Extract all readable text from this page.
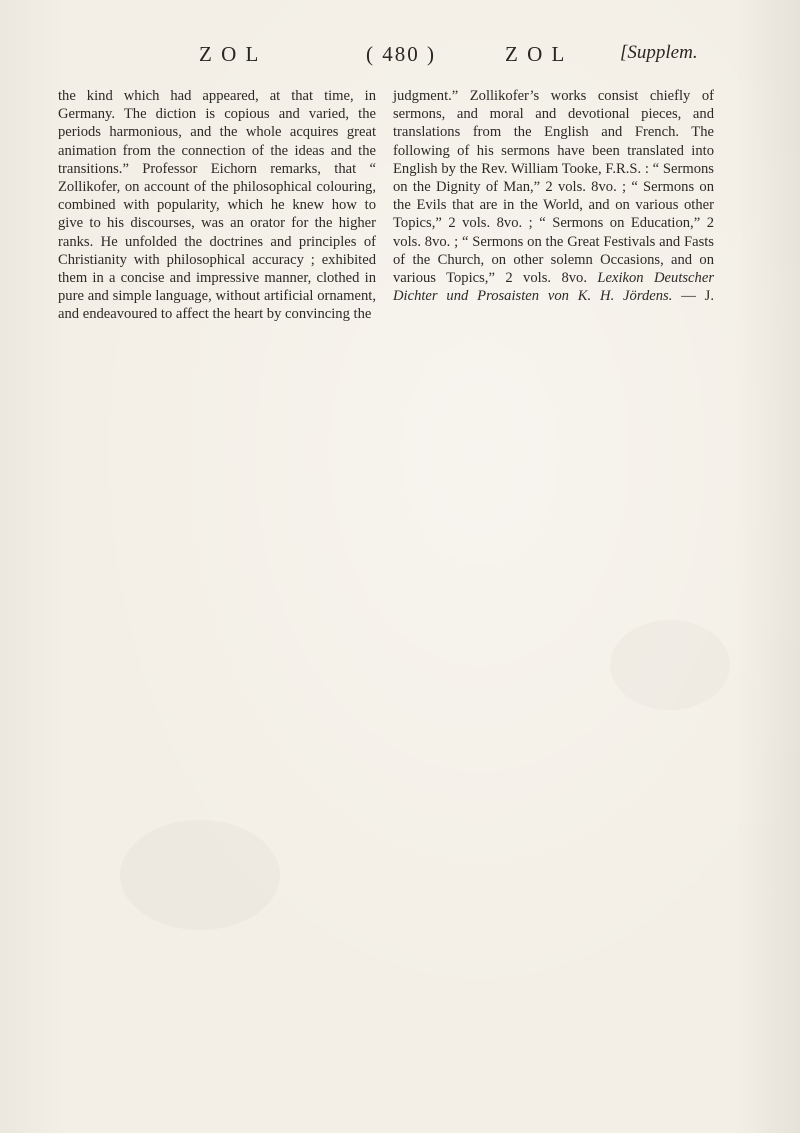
Z O L	( 480 )	Z O L	[Supplem.

the kind which had appeared, at that time, in Germany. The diction is copious and varied, the periods harmonious, and the whole acquires great animation from the connection of the ideas and the transitions.” Professor Eichorn remarks, that “ Zollikofer, on account of the philosophical colouring, combined with popularity, which he knew how to give to his discourses, was an orator for the higher ranks. He unfolded the doctrines and principles of Christianity with philosophical accuracy ; exhibited them in a concise and impressive manner, clothed in pure and simple language, without artificial ornament, and endeavoured to affect the heart by convincing the

judgment.” Zollikofer’s works consist chiefly of sermons, and moral and devotional pieces, and translations from the English and French. The following of his sermons have been translated into English by the Rev. William Tooke, F.R.S. : “ Sermons on the Dignity of Man,” 2 vols. 8vo. ; “ Sermons on the Evils that are in the World, and on various other Topics,” 2 vols. 8vo. ; “ Sermons on Education,” 2 vols. 8vo. ; “ Sermons on the Great Festivals and Fasts of the Church, on other solemn Occasions, and on various Topics,” 2 vols. 8vo. Lexikon Deutscher Dichter und Prosaisten von K. H. Jördens. — J.
